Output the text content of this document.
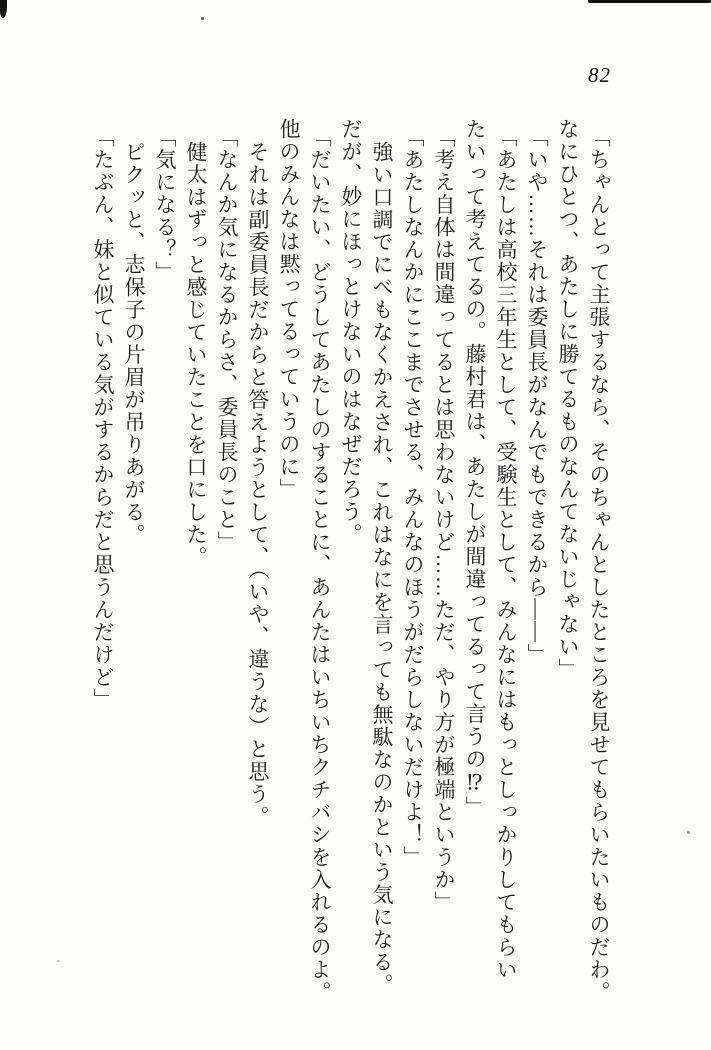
82

「ちゃんとって主張するなら、そのちゃんとしたところを見せてもらいたいものだわ。

なにひとつ、あたしに勝てるものなんてないじゃない」

「いや……それは委員長がなんでもできるから――」

「あたしは高校三年生として、受験生として、みんなにはもっとしっかりしてもらい

たいって考えてるの。藤村君は、あたしが間違ってるって言うの⁉」

「考え自体は間違ってるとは思わないけど……ただ、やり方が極端というか」

「あたしなんかにここまでさせる、みんなのほうがだらしないだけよ！」

強い口調でにべもなくかえされ、これはなにを言っても無駄なのかという気になる。

だが、妙にほっとけないのはなぜだろう。

「だいたい、どうしてあたしのすることに、あんたはいちいちクチバシを入れるのよ。

他のみんなは黙ってるっていうのに」

それは副委員長だからと答えようとして、（いや、違うな）と思う。

「なんか気になるからさ、委員長のこと」

健太はずっと感じていたことを口にした。

「気になる？」

ピクッと、志保子の片眉が吊りあがる。

「たぶん、妹と似ている気がするからだと思うんだけど」
